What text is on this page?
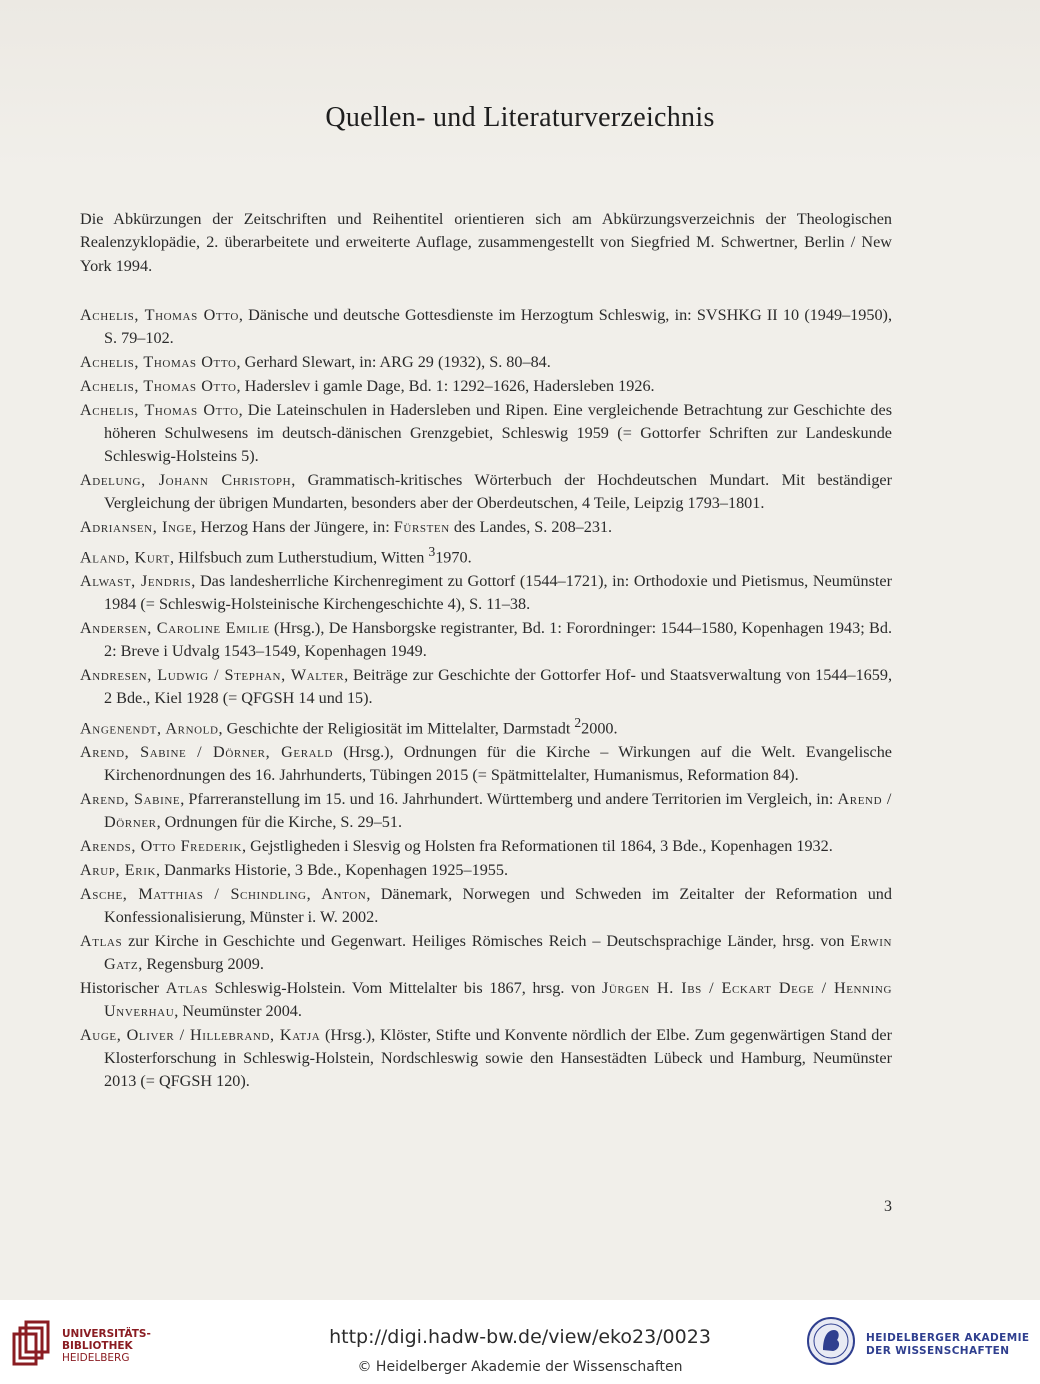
Quellen- und Literaturverzeichnis
Die Abkürzungen der Zeitschriften und Reihentitel orientieren sich am Abkürzungsverzeichnis der Theologischen Realenzyklopädie, 2. überarbeitete und erweiterte Auflage, zusammengestellt von Siegfried M. Schwertner, Berlin / New York 1994.
Achelis, Thomas Otto, Dänische und deutsche Gottesdienste im Herzogtum Schleswig, in: SVSHKG II 10 (1949–1950), S. 79–102.
Achelis, Thomas Otto, Gerhard Slewart, in: ARG 29 (1932), S. 80–84.
Achelis, Thomas Otto, Haderslev i gamle Dage, Bd. 1: 1292–1626, Hadersleben 1926.
Achelis, Thomas Otto, Die Lateinschulen in Hadersleben und Ripen. Eine vergleichende Betrachtung zur Geschichte des höheren Schulwesens im deutsch-dänischen Grenzgebiet, Schleswig 1959 (= Gottorfer Schriften zur Landeskunde Schleswig-Holsteins 5).
Adelung, Johann Christoph, Grammatisch-kritisches Wörterbuch der Hochdeutschen Mundart. Mit beständiger Vergleichung der übrigen Mundarten, besonders aber der Oberdeutschen, 4 Teile, Leipzig 1793–1801.
Adriansen, Inge, Herzog Hans der Jüngere, in: Fürsten des Landes, S. 208–231.
Aland, Kurt, Hilfsbuch zum Lutherstudium, Witten $^3$1970.
Alwast, Jendris, Das landesherrliche Kirchenregiment zu Gottorf (1544–1721), in: Orthodoxie und Pietismus, Neumünster 1984 (= Schleswig-Holsteinische Kirchengeschichte 4), S. 11–38.
Andersen, Caroline Emilie (Hrsg.), De Hansborgske registranter, Bd. 1: Forordninger: 1544–1580, Kopenhagen 1943; Bd. 2: Breve i Udvalg 1543–1549, Kopenhagen 1949.
Andresen, Ludwig / Stephan, Walter, Beiträge zur Geschichte der Gottorfer Hof- und Staatsverwaltung von 1544–1659, 2 Bde., Kiel 1928 (= QFGSH 14 und 15).
Angenendt, Arnold, Geschichte der Religiosität im Mittelalter, Darmstadt $^2$2000.
Arend, Sabine / Dörner, Gerald (Hrsg.), Ordnungen für die Kirche – Wirkungen auf die Welt. Evangelische Kirchenordnungen des 16. Jahrhunderts, Tübingen 2015 (= Spätmittelalter, Humanismus, Reformation 84).
Arend, Sabine, Pfarreranstellung im 15. und 16. Jahrhundert. Württemberg und andere Territorien im Vergleich, in: Arend / Dörner, Ordnungen für die Kirche, S. 29–51.
Arends, Otto Frederik, Gejstligheden i Slesvig og Holsten fra Reformationen til 1864, 3 Bde., Kopenhagen 1932.
Arup, Erik, Danmarks Historie, 3 Bde., Kopenhagen 1925–1955.
Asche, Matthias / Schindling, Anton, Dänemark, Norwegen und Schweden im Zeitalter der Reformation und Konfessionalisierung, Münster i. W. 2002.
Atlas zur Kirche in Geschichte und Gegenwart. Heiliges Römisches Reich – Deutschsprachige Länder, hrsg. von Erwin Gatz, Regensburg 2009.
Historischer Atlas Schleswig-Holstein. Vom Mittelalter bis 1867, hrsg. von Jürgen H. Ibs / Eckart Dege / Henning Unverhau, Neumünster 2004.
Auge, Oliver / Hillebrand, Katja (Hrsg.), Klöster, Stifte und Konvente nördlich der Elbe. Zum gegenwärtigen Stand der Klosterforschung in Schleswig-Holstein, Nordschleswig sowie den Hansestädten Lübeck und Hamburg, Neumünster 2013 (= QFGSH 120).
3
UNIVERSITÄTS-
BIBLIOTHEK
HEIDELBERG
http://digi.hadw-bw.de/view/eko23/0023
© Heidelberger Akademie der Wissenschaften
HEIDELBERGER AKADEMIE
DER WISSENSCHAFTEN
